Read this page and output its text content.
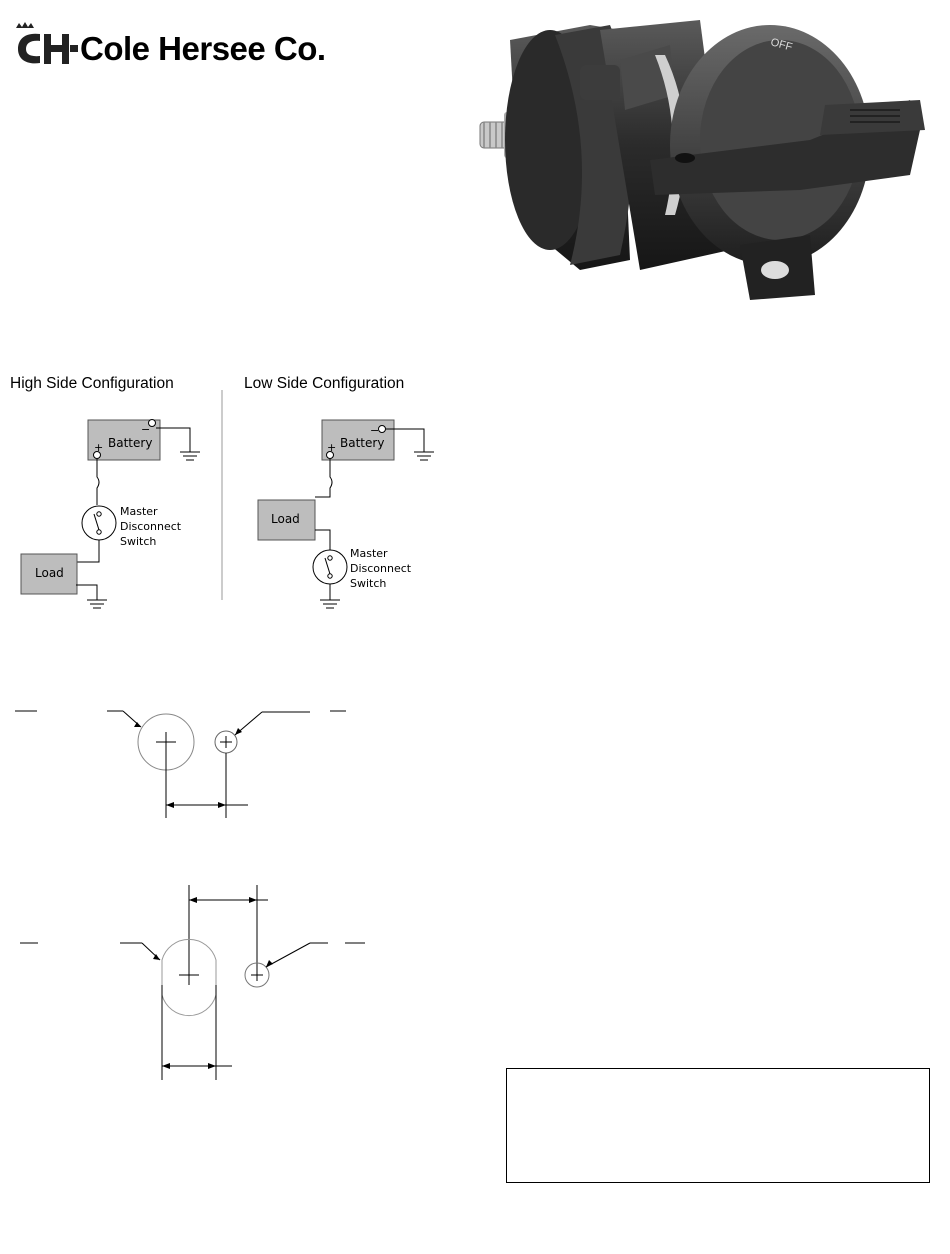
Cole Hersee Co.	OFF
High Side Configuration	Low Side Configuration
Battery
−
+
Master
Disconnect
Switch
Load
Battery
−
+
Load
Master
Disconnect
Switch
